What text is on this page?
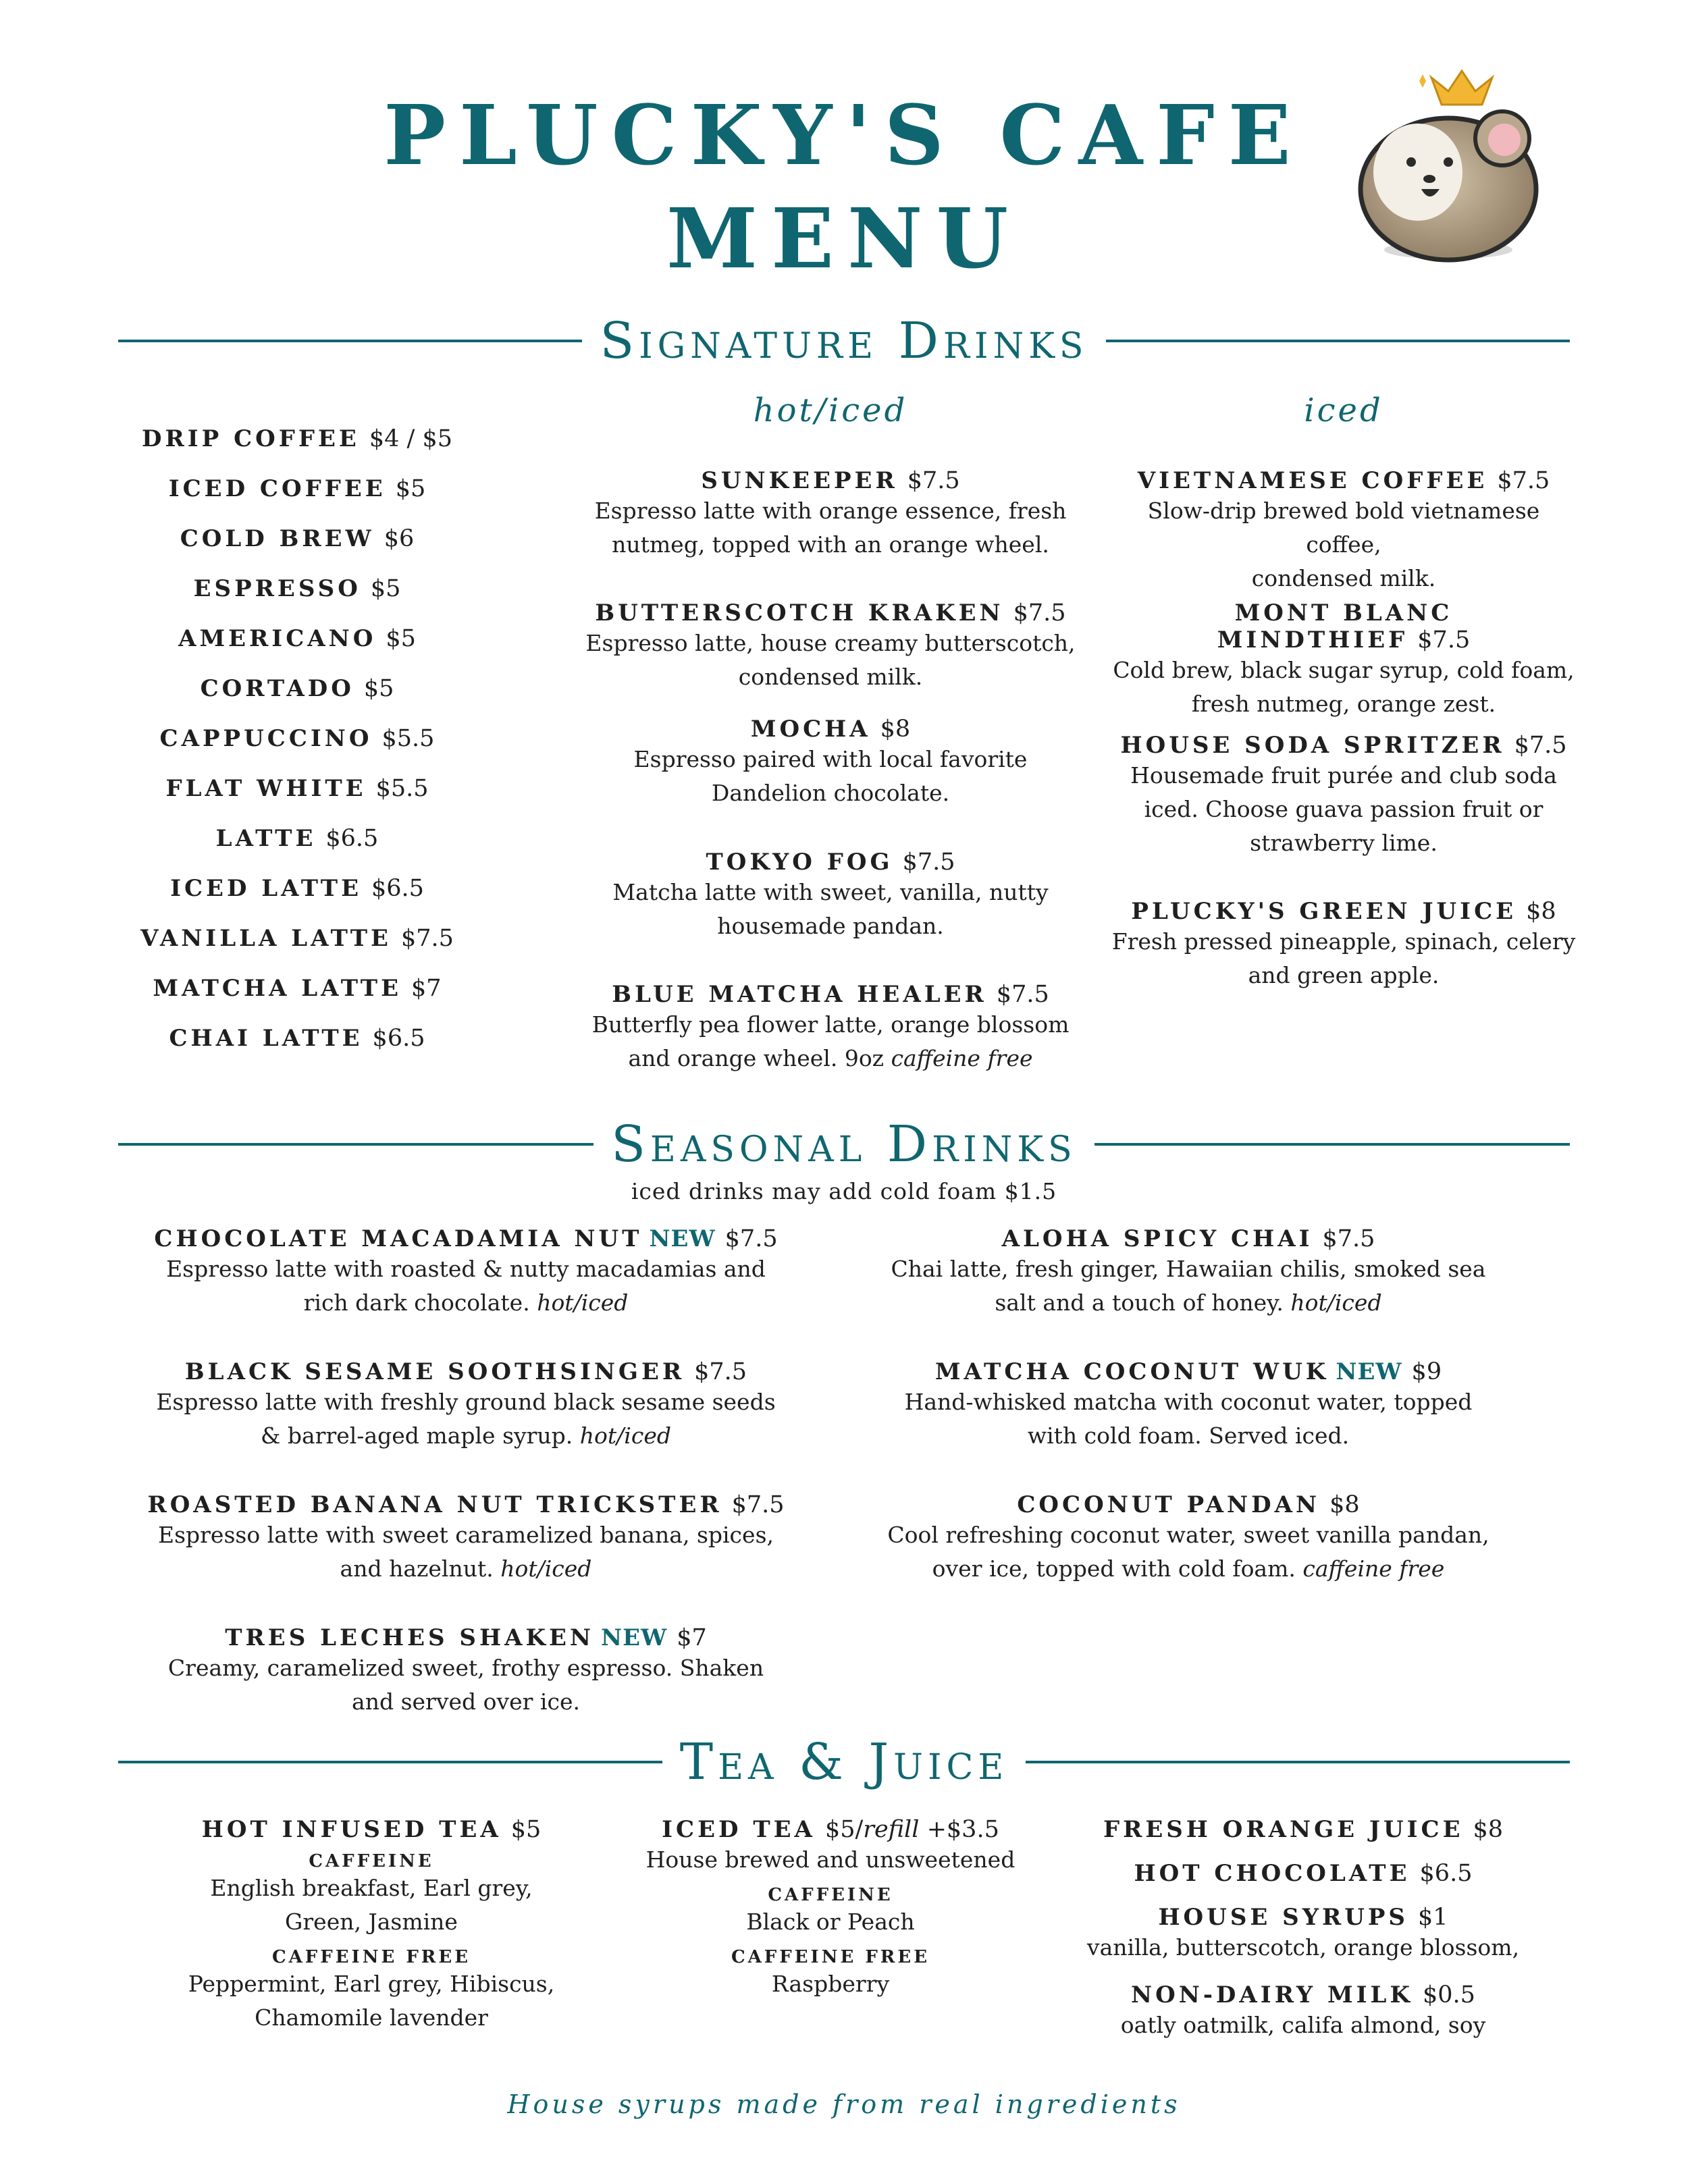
PLUCKY'S CAFE
MENU
Signature Drinks
DRIP COFFEE $4 / $5
ICED COFFEE $5
COLD BREW $6
ESPRESSO $5
AMERICANO $5
CORTADO $5
CAPPUCCINO $5.5
FLAT WHITE $5.5
LATTE $6.5
ICED LATTE $6.5
VANILLA LATTE $7.5
MATCHA LATTE $7
CHAI LATTE $6.5
hot/iced
SUNKEEPER $7.5
Espresso latte with orange essence, fresh
nutmeg, topped with an orange wheel.
BUTTERSCOTCH KRAKEN $7.5
Espresso latte, house creamy butterscotch,
condensed milk.
MOCHA $8
Espresso paired with local favorite
Dandelion chocolate.
TOKYO FOG $7.5
Matcha latte with sweet, vanilla, nutty
housemade pandan.
BLUE MATCHA HEALER $7.5
Butterfly pea flower latte, orange blossom
and orange wheel. 9oz caffeine free
iced
VIETNAMESE COFFEE $7.5
Slow-drip brewed bold vietnamese coffee,
condensed milk.
MONT BLANC MINDTHIEF $7.5
Cold brew, black sugar syrup, cold foam,
fresh nutmeg, orange zest.
HOUSE SODA SPRITZER $7.5
Housemade fruit purée and club soda
iced. Choose guava passion fruit or
strawberry lime.
PLUCKY'S GREEN JUICE $8
Fresh pressed pineapple, spinach, celery
and green apple.
Seasonal Drinks
iced drinks may add cold foam $1.5
CHOCOLATE MACADAMIA NUT NEW $7.5
Espresso latte with roasted & nutty macadamias and
rich dark chocolate. hot/iced
BLACK SESAME SOOTHSINGER $7.5
Espresso latte with freshly ground black sesame seeds
& barrel-aged maple syrup. hot/iced
ROASTED BANANA NUT TRICKSTER $7.5
Espresso latte with sweet caramelized banana, spices,
and hazelnut. hot/iced
TRES LECHES SHAKEN NEW $7
Creamy, caramelized sweet, frothy espresso. Shaken
and served over ice.
ALOHA SPICY CHAI $7.5
Chai latte, fresh ginger, Hawaiian chilis, smoked sea
salt and a touch of honey. hot/iced
MATCHA COCONUT WUK NEW $9
Hand-whisked matcha with coconut water, topped
with cold foam. Served iced.
COCONUT PANDAN $8
Cool refreshing coconut water, sweet vanilla pandan,
over ice, topped with cold foam. caffeine free
Tea & Juice
HOT INFUSED TEA $5
CAFFEINE
English breakfast, Earl grey,
Green, Jasmine
CAFFEINE FREE
Peppermint, Earl grey, Hibiscus,
Chamomile lavender
ICED TEA $5/refill +$3.5
House brewed and unsweetened
CAFFEINE
Black or Peach
CAFFEINE FREE
Raspberry
FRESH ORANGE JUICE $8
HOT CHOCOLATE $6.5
HOUSE SYRUPS $1
vanilla, butterscotch, orange blossom,
NON-DAIRY MILK $0.5
oatly oatmilk, califa almond, soy
House syrups made from real ingredients
